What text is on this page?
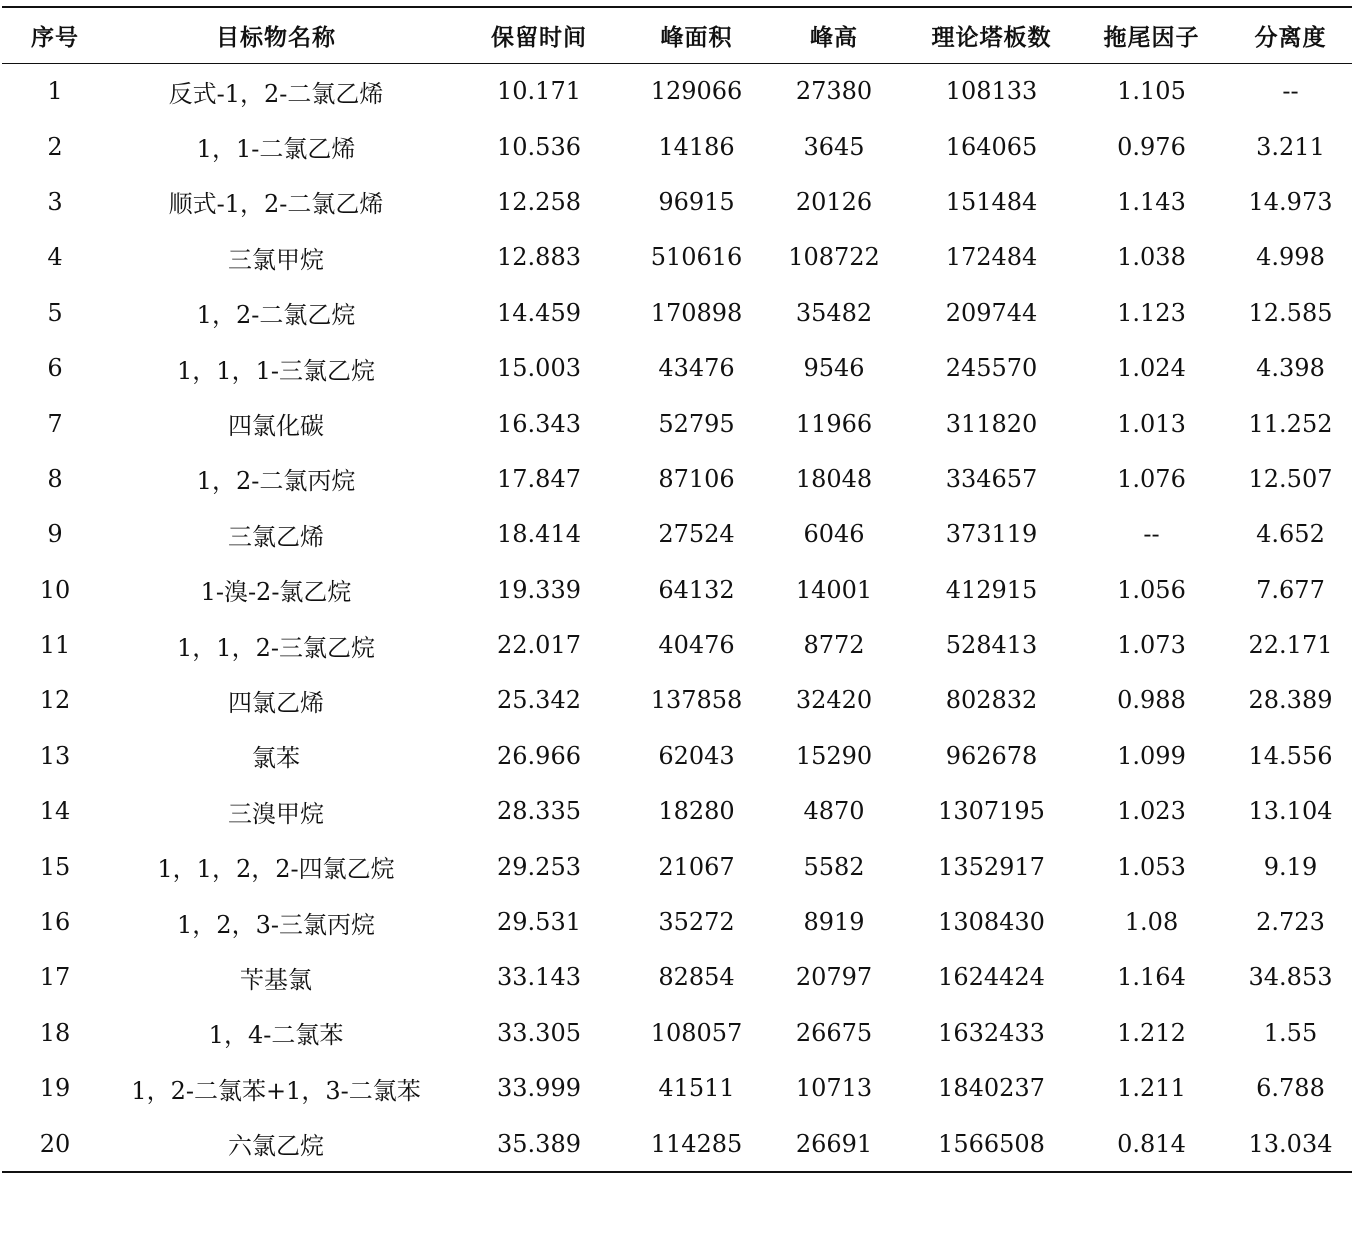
序号	目标物名称	保留时间	峰面积	峰高	理论塔板数	拖尾因子	分离度
1	反式-1，2-二氯乙烯	10.171	129066	27380	108133	1.105	--
2	1，1-二氯乙烯	10.536	14186	3645	164065	0.976	3.211
3	顺式-1，2-二氯乙烯	12.258	96915	20126	151484	1.143	14.973
4	三氯甲烷	12.883	510616	108722	172484	1.038	4.998
5	1，2-二氯乙烷	14.459	170898	35482	209744	1.123	12.585
6	1，1，1-三氯乙烷	15.003	43476	9546	245570	1.024	4.398
7	四氯化碳	16.343	52795	11966	311820	1.013	11.252
8	1，2-二氯丙烷	17.847	87106	18048	334657	1.076	12.507
9	三氯乙烯	18.414	27524	6046	373119	--	4.652
10	1-溴-2-氯乙烷	19.339	64132	14001	412915	1.056	7.677
11	1，1，2-三氯乙烷	22.017	40476	8772	528413	1.073	22.171
12	四氯乙烯	25.342	137858	32420	802832	0.988	28.389
13	氯苯	26.966	62043	15290	962678	1.099	14.556
14	三溴甲烷	28.335	18280	4870	1307195	1.023	13.104
15	1，1，2，2-四氯乙烷	29.253	21067	5582	1352917	1.053	9.19
16	1，2，3-三氯丙烷	29.531	35272	8919	1308430	1.08	2.723
17	苄基氯	33.143	82854	20797	1624424	1.164	34.853
18	1，4-二氯苯	33.305	108057	26675	1632433	1.212	1.55
19	1，2-二氯苯+1，3-二氯苯	33.999	41511	10713	1840237	1.211	6.788
20	六氯乙烷	35.389	114285	26691	1566508	0.814	13.034
